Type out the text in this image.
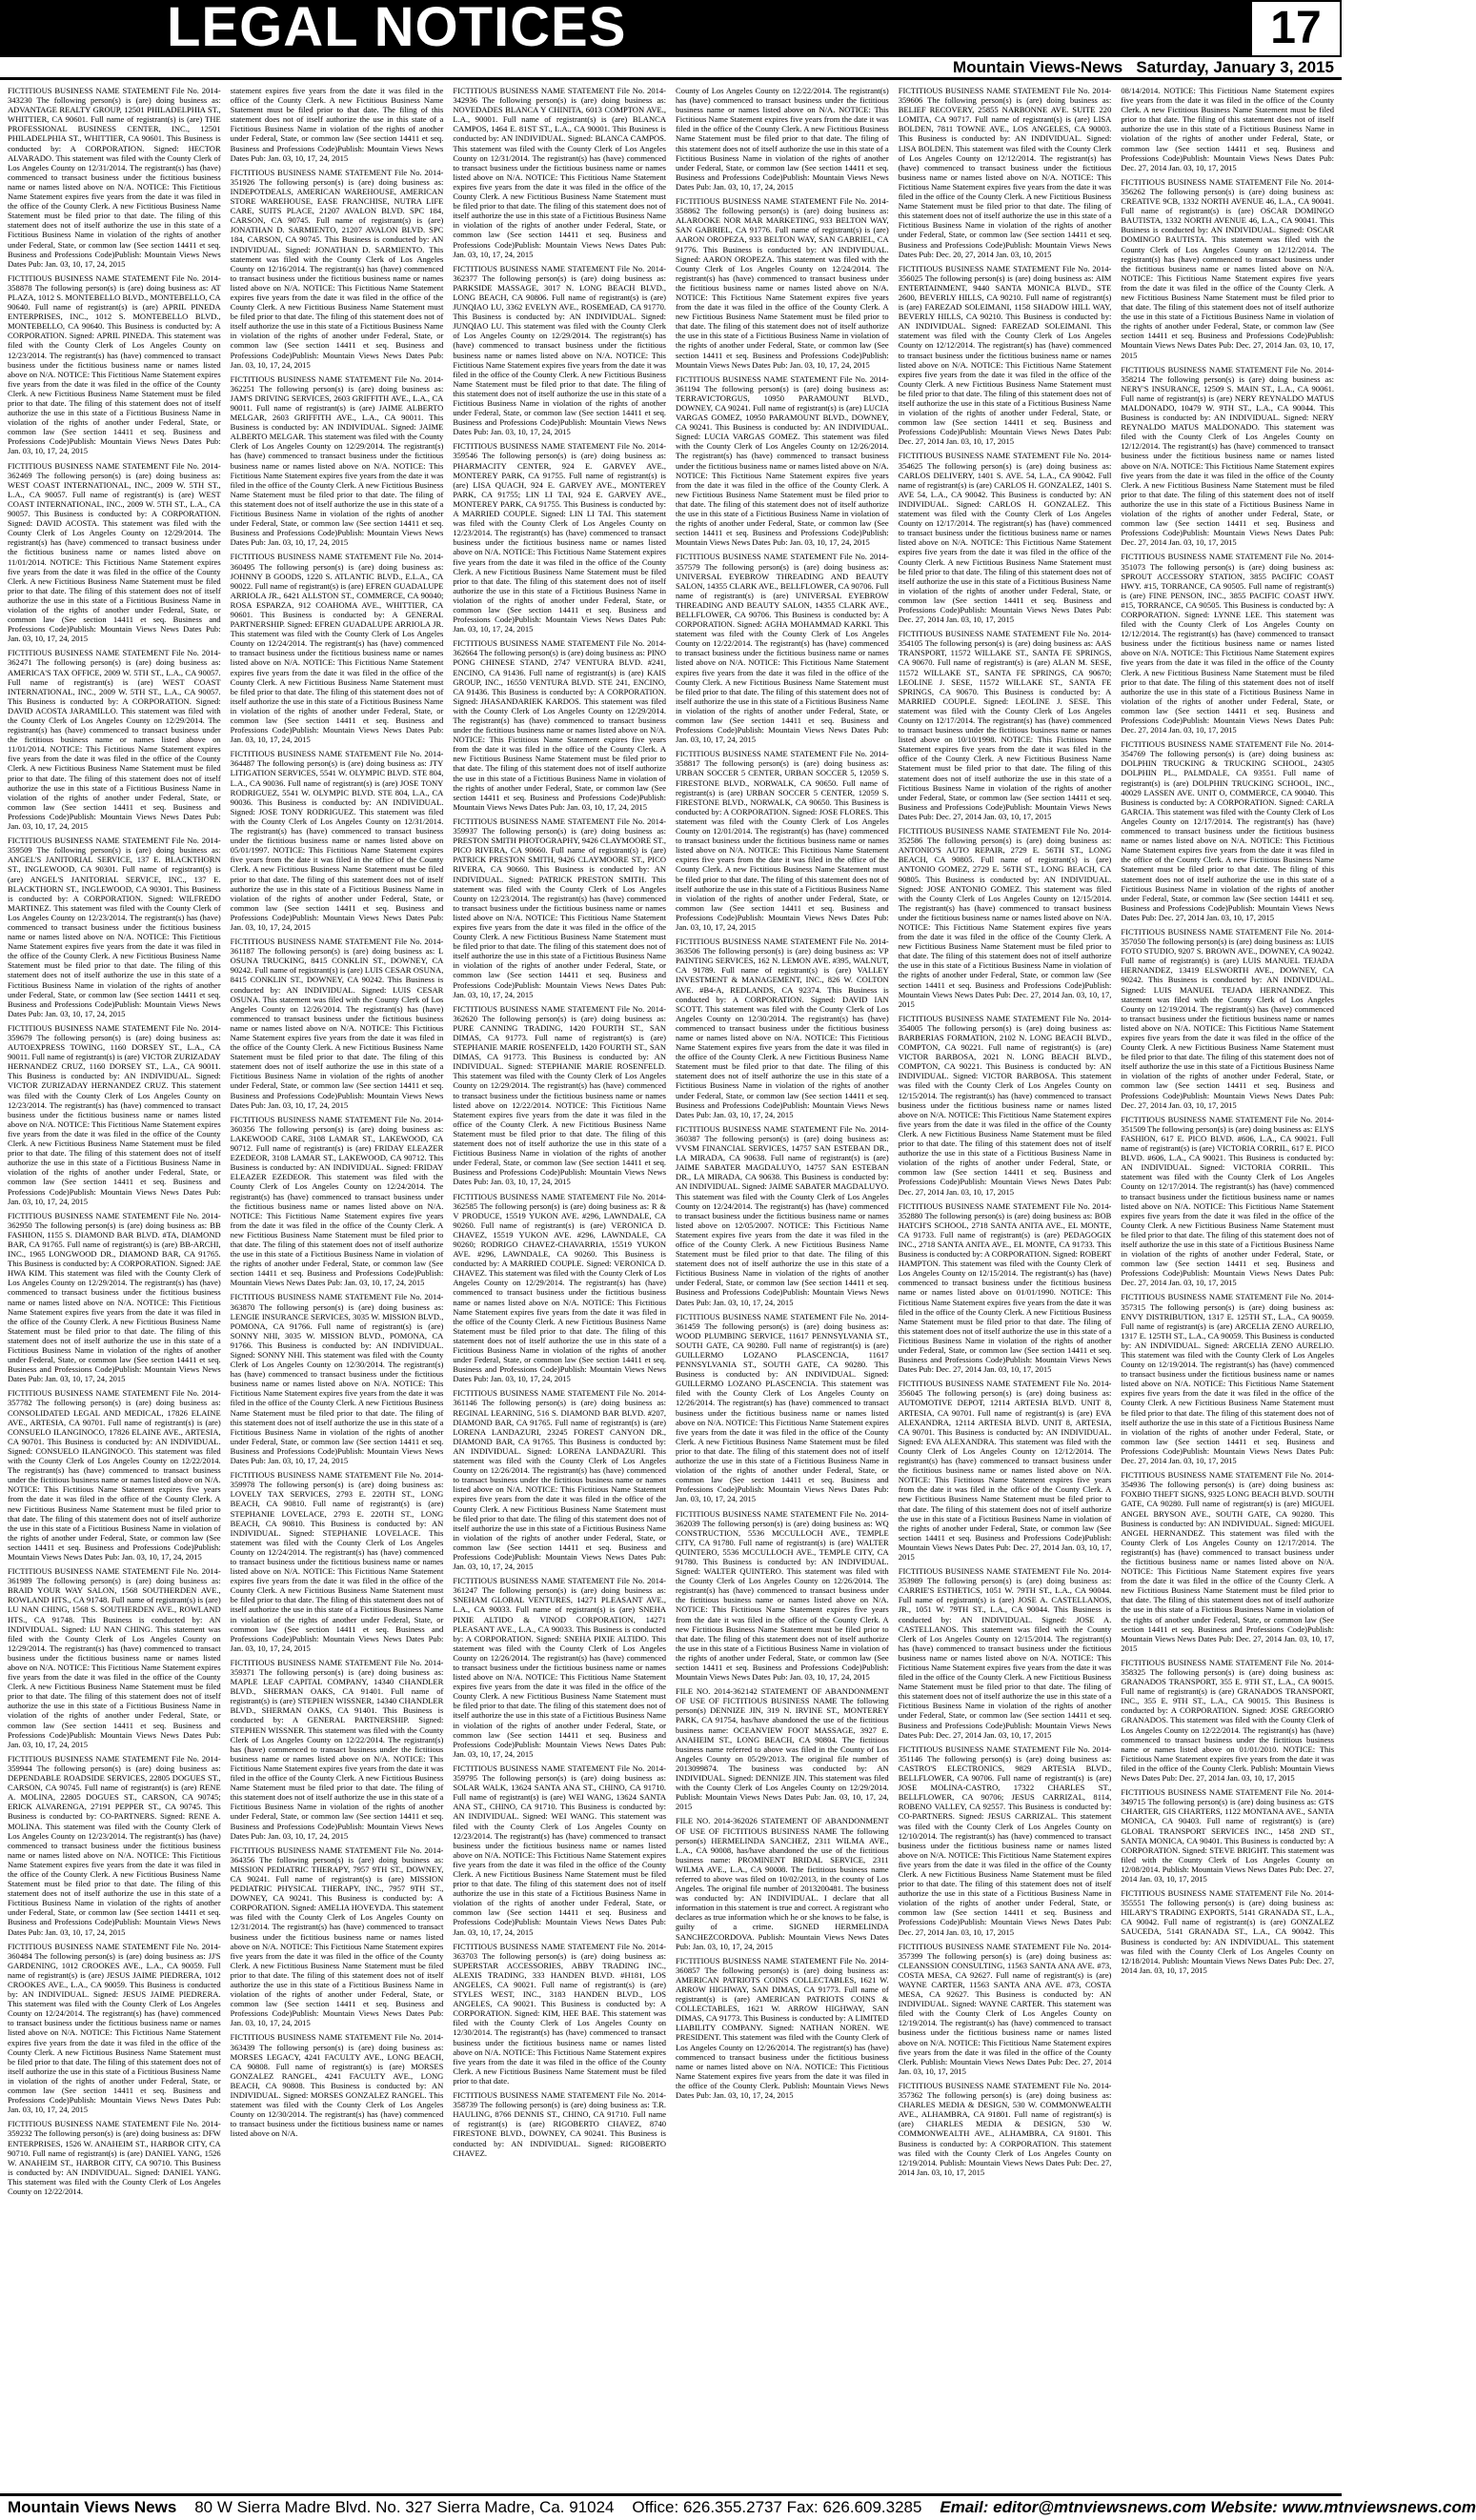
LEGAL NOTICES	17
Mountain Views-News Saturday, January 3, 2015

FICTITIOUS BUSINESS NAME STATEMENT File No. 2014-343230 The following person(s) is (are) doing business as: ADVANTAGE REALTY GROUP, 12501 PHILADELPHIA ST., WHITTIER, CA 90601. Full name of registrant(s) is (are) THE PROFESSIONAL BUSINESS CENTER, INC., 12501 PHILADELPHIA ST., WHITTIER, CA 90601. This Business is conducted by: A CORPORATION. Signed: HECTOR ALVARADO. This statement was filed with the County Clerk of Los Angeles County on 12/31/2014. The registrant(s) has (have) commenced to transact business under the fictitious business name or names listed above on N/A. NOTICE: This Fictitious Name Statement expires five years from the date it was filed in the office of the County Clerk. A new Fictitious Business Name Statement must be filed prior to that date. The filing of this statement does not of itself authorize the use in this state of a Fictitious Business Name in violation of the rights of another under Federal, State, or common law (See section 14411 et seq. Business and Professions Code)Publish: Mountain Views News Dates Pub: Jan. 03, 10, 17, 24, 2015

FICTITIOUS BUSINESS NAME STATEMENT File No. 2014-358878 The following person(s) is (are) doing business as: AT PLAZA, 1012 S. MONTEBELLO BLVD., MONTEBELLO, CA 90640. Full name of registrant(s) is (are) APRIL PINEDA ENTERPRISES, INC., 1012 S. MONTEBELLO BLVD., MONTEBELLO, CA 90640. This Business is conducted by: A CORPORATION. Signed: APRIL PINEDA. This statement was filed with the County Clerk of Los Angeles County on 12/23/2014. The registrant(s) has (have) commenced to transact business under the fictitious business name or names listed above on N/A. NOTICE: This Fictitious Name Statement expires five years from the date it was filed in the office of the County Clerk. A new Fictitious Business Name Statement must be filed prior to that date. The filing of this statement does not of itself authorize the use in this state of a Fictitious Business Name in violation of the rights of another under Federal, State, or common law (See section 14411 et seq. Business and Professions Code)Publish: Mountain Views News Dates Pub: Jan. 03, 10, 17, 24, 2015

FICTITIOUS BUSINESS NAME STATEMENT File No. 2014-362469 The following person(s) is (are) doing business as: WEST COAST INTERNATIONAL, INC., 2009 W. 5TH ST., L.A., CA 90057. Full name of registrant(s) is (are) WEST COAST INTERNATIONAL, INC., 2009 W. 5TH ST., L.A., CA 90057. This Business is conducted by: A CORPORATION. Signed: DAVID ACOSTA. This statement was filed with the County Clerk of Los Angeles County on 12/29/2014. The registrant(s) has (have) commenced to transact business under the fictitious business name or names listed above on 11/01/2014. NOTICE: This Fictitious Name Statement expires five years from the date it was filed in the office of the County Clerk. A new Fictitious Business Name Statement must be filed prior to that date. The filing of this statement does not of itself authorize the use in this state of a Fictitious Business Name in violation of the rights of another under Federal, State, or common law (See section 14411 et seq. Business and Professions Code)Publish: Mountain Views News Dates Pub: Jan. 03, 10, 17, 24, 2015

FICTITIOUS BUSINESS NAME STATEMENT File No. 2014-362471 The following person(s) is (are) doing business as: AMERICA'S TAX OFFICE, 2009 W. 5TH ST., L.A., CA 90057. Full name of registrant(s) is (are) WEST COAST INTERNATIONAL, INC., 2009 W. 5TH ST., L.A., CA 90057. This Business is conducted by: A CORPORATION. Signed: DAVID ACOSTA JARAMILLO. This statement was filed with the County Clerk of Los Angeles County on 12/29/2014. The registrant(s) has (have) commenced to transact business under the fictitious business name or names listed above on 11/01/2014. NOTICE: This Fictitious Name Statement expires five years from the date it was filed in the office of the County Clerk. A new Fictitious Business Name Statement must be filed prior to that date. The filing of this statement does not of itself authorize the use in this state of a Fictitious Business Name in violation of the rights of another under Federal, State, or common law (See section 14411 et seq. Business and Professions Code)Publish: Mountain Views News Dates Pub: Jan. 03, 10, 17, 24, 2015

FICTITIOUS BUSINESS NAME STATEMENT File No. 2014-359509 The following person(s) is (are) doing business as: ANGEL'S JANITORIAL SERVICE, 137 E. BLACKTHORN ST., INGLEWOOD, CA 90301. Full name of registrant(s) is (are) ANGEL'S JANITORIAL SERVICE, INC., 137 E. BLACKTHORN ST., INGLEWOOD, CA 90301. This Business is conducted by: A CORPORATION. Signed: WILFREDO MARTINEZ. This statement was filed with the County Clerk of Los Angeles County on 12/23/2014. The registrant(s) has (have) commenced to transact business under the fictitious business name or names listed above on N/A. NOTICE: This Fictitious Name Statement expires five years from the date it was filed in the office of the County Clerk. A new Fictitious Business Name Statement must be filed prior to that date. The filing of this statement does not of itself authorize the use in this state of a Fictitious Business Name in violation of the rights of another under Federal, State, or common law (See section 14411 et seq. Business and Professions Code)Publish: Mountain Views News Dates Pub: Jan. 03, 10, 17, 24, 2015

FICTITIOUS BUSINESS NAME STATEMENT File No. 2014-359679 The following person(s) is (are) doing business as: AUTOEXPRESS TOWING, 1160 DORSEY ST., L.A., CA 90011. Full name of registrant(s) is (are) VICTOR ZURIZADAY HERNANDEZ CRUZ, 1160 DORSEY ST., L.A., CA 90011. This Business is conducted by: AN INDIVIDUAL. Signed: VICTOR ZURIZADAY HERNANDEZ CRUZ. This statement was filed with the County Clerk of Los Angeles County on 12/23/2014. The registrant(s) has (have) commenced to transact business under the fictitious business name or names listed above on N/A. NOTICE: This Fictitious Name Statement expires five years from the date it was filed in the office of the County Clerk. A new Fictitious Business Name Statement must be filed prior to that date. The filing of this statement does not of itself authorize the use in this state of a Fictitious Business Name in violation of the rights of another under Federal, State, or common law (See section 14411 et seq. Business and Professions Code)Publish: Mountain Views News Dates Pub: Jan. 03, 10, 17, 24, 2015

FICTITIOUS BUSINESS NAME STATEMENT File No. 2014-362950 The following person(s) is (are) doing business as: BB FASHION, 1155 S. DIAMOND BAR BLVD. #TA, DIAMOND BAR, CA 91765. Full name of registrant(s) is (are) BB-ARCHI, INC., 1965 LONGWOOD DR., DIAMOND BAR, CA 91765. This Business is conducted by: A CORPORATION. Signed: JAE HWA KIM. This statement was filed with the County Clerk of Los Angeles County on 12/29/2014. The registrant(s) has (have) commenced to transact business under the fictitious business name or names listed above on N/A. NOTICE: This Fictitious Name Statement expires five years from the date it was filed in the office of the County Clerk. A new Fictitious Business Name Statement must be filed prior to that date. The filing of this statement does not of itself authorize the use in this state of a Fictitious Business Name in violation of the rights of another under Federal, State, or common law (See section 14411 et seq. Business and Professions Code)Publish: Mountain Views News Dates Pub: Jan. 03, 10, 17, 24, 2015

FICTITIOUS BUSINESS NAME STATEMENT File No. 2014-357782 The following person(s) is (are) doing business as: CONSOLIDATED LEGAL AND MEDICAL, 17826 ELAINE AVE., ARTESIA, CA 90701. Full name of registrant(s) is (are) CONSUELO ILANGINOCO, 17826 ELAINE AVE., ARTESIA, CA 90701. This Business is conducted by: AN INDIVIDUAL. Signed: CONSUELO ILANGINOCO. This statement was filed with the County Clerk of Los Angeles County on 12/22/2014. The registrant(s) has (have) commenced to transact business under the fictitious business name or names listed above on N/A. NOTICE: This Fictitious Name Statement expires five years from the date it was filed in the office of the County Clerk. A new Fictitious Business Name Statement must be filed prior to that date. The filing of this statement does not of itself authorize the use in this state of a Fictitious Business Name in violation of the rights of another under Federal, State, or common law (See section 14411 et seq. Business and Professions Code)Publish: Mountain Views News Dates Pub: Jan. 03, 10, 17, 24, 2015

FICTITIOUS BUSINESS NAME STATEMENT File No. 2014-361989 The following person(s) is (are) doing business as: BRAID YOUR WAY SALON, 1568 SOUTHERDEN AVE., ROWLAND HTS., CA 91748. Full name of registrant(s) is (are) LU NAN CHING, 1568 S. SOUTHERDEN AVE., ROWLAND HTS., CA 91748. This Business is conducted by: AN INDIVIDUAL. Signed: LU NAN CHING. This statement was filed with the County Clerk of Los Angeles County on 12/29/2014. The registrant(s) has (have) commenced to transact business under the fictitious business name or names listed above on N/A. NOTICE: This Fictitious Name Statement expires five years from the date it was filed in the office of the County Clerk. A new Fictitious Business Name Statement must be filed prior to that date. The filing of this statement does not of itself authorize the use in this state of a Fictitious Business Name in violation of the rights of another under Federal, State, or common law (See section 14411 et seq. Business and Professions Code)Publish: Mountain Views News Dates Pub: Jan. 03, 10, 17, 24, 2015

FICTITIOUS BUSINESS NAME STATEMENT File No. 2014-359944 The following person(s) is (are) doing business as: DEPENDABLE ROADSIDE SERVICES, 22805 DOGUES ST., CARSON, CA 90745. Full name of registrant(s) is (are) RENE A. MOLINA, 22805 DOGUES ST., CARSON, CA 90745; ERICK ALVARENGA, 27191 PEPPER ST., CA 90745. This Business is conducted by: CO-PARTNERS. Signed: RENE A. MOLINA. This statement was filed with the County Clerk of Los Angeles County on 12/23/2014. The registrant(s) has (have) commenced to transact business under the fictitious business name or names listed above on N/A. NOTICE: This Fictitious Name Statement expires five years from the date it was filed in the office of the County Clerk. A new Fictitious Business Name Statement must be filed prior to that date. The filing of this statement does not of itself authorize the use in this state of a Fictitious Business Name in violation of the rights of another under Federal, State, or common law (See section 14411 et seq. Business and Professions Code)Publish: Mountain Views News Dates Pub: Jan. 03, 10, 17, 24, 2015

FICTITIOUS BUSINESS NAME STATEMENT File No. 2014-360484 The following person(s) is (are) doing business as: JJ'S GARDENING, 1012 CROOKES AVE., L.A., CA 90059. Full name of registrant(s) is (are) JESUS JAIME PIEDRERA, 1012 CROOKES AVE., L.A., CA 90059. This Business is conducted by: AN INDIVIDUAL. Signed: JESUS JAIME PIEDRERA. This statement was filed with the County Clerk of Los Angeles County on 12/24/2014. The registrant(s) has (have) commenced to transact business under the fictitious business name or names listed above on N/A. NOTICE: This Fictitious Name Statement expires five years from the date it was filed in the office of the County Clerk. A new Fictitious Business Name Statement must be filed prior to that date. The filing of this statement does not of itself authorize the use in this state of a Fictitious Business Name in violation of the rights of another under Federal, State, or common law (See section 14411 et seq. Business and Professions Code)Publish: Mountain Views News Dates Pub: Jan. 03, 10, 17, 24, 2015

FICTITIOUS BUSINESS NAME STATEMENT File No. 2014-359232 The following person(s) is (are) doing business as: DFW ENTERPRISES, 1526 W. ANAHEIM ST., HARBOR CITY, CA 90710. Full name of registrant(s) is (are) DANIEL YANG, 1526 W. ANAHEIM ST., HARBOR CITY, CA 90710. This Business is conducted by: AN INDIVIDUAL. Signed: DANIEL YANG. This statement was filed with the County Clerk of Los Angeles County on 12/22/2014.

statement expires five years from the date it was filed in the office of the County Clerk. A new Fictitious Business Name Statement must be filed prior to that date. The filing of this statement does not of itself authorize the use in this state of a Fictitious Business Name in violation of the rights of another under Federal, State, or common law (See section 14411 et seq. Business and Professions Code)Publish: Mountain Views News Dates Pub: Jan. 03, 10, 17, 24, 2015

FICTITIOUS BUSINESS NAME STATEMENT File No. 2014-351926 The following person(s) is (are) doing business as: INDEPOTDEALS, AMERICAN WAREHOUSE, AMERICAN STORE WAREHOUSE, EASE FRANCHISE, NUTRA LIFE CARE, SUITS PLACE, 21207 AVALON BLVD. SPC 184, CARSON, CA 90745. Full name of registrant(s) is (are) JONATHAN D. SARMIENTO, 21207 AVALON BLVD. SPC 184, CARSON, CA 90745. This Business is conducted by: AN INDIVIDUAL. Signed: JONATHAN D. SARMIENTO. This statement was filed with the County Clerk of Los Angeles County on 12/16/2014. The registrant(s) has (have) commenced to transact business under the fictitious business name or names listed above on N/A. NOTICE: This Fictitious Name Statement expires five years from the date it was filed in the office of the County Clerk. A new Fictitious Business Name Statement must be filed prior to that date. The filing of this statement does not of itself authorize the use in this state of a Fictitious Business Name in violation of the rights of another under Federal, State, or common law (See section 14411 et seq. Business and Professions Code)Publish: Mountain Views News Dates Pub: Jan. 03, 10, 17, 24, 2015

FICTITIOUS BUSINESS NAME STATEMENT File No. 2014-362251 The following person(s) is (are) doing business as: JAM'S DRIVING SERVICES, 2603 GRIFFITH AVE., L.A., CA 90011. Full name of registrant(s) is (are) JAIME ALBERTO MELGAR, 2603 GRIFFITH AVE., L.A., CA 90011. This Business is conducted by: AN INDIVIDUAL. Signed: JAIME ALBERTO MELGAR. This statement was filed with the County Clerk of Los Angeles County on 12/29/2014. The registrant(s) has (have) commenced to transact business under the fictitious business name or names listed above on N/A. NOTICE: This Fictitious Name Statement expires five years from the date it was filed in the office of the County Clerk. A new Fictitious Business Name Statement must be filed prior to that date. The filing of this statement does not of itself authorize the use in this state of a Fictitious Business Name in violation of the rights of another under Federal, State, or common law (See section 14411 et seq. Business and Professions Code)Publish: Mountain Views News Dates Pub: Jan. 03, 10, 17, 24, 2015

FICTITIOUS BUSINESS NAME STATEMENT File No. 2014-360495 The following person(s) is (are) doing business as: JOHNNY B GOODS, 1220 S. ATLANTIC BLVD., E.L.A., CA 90022. Full name of registrant(s) is (are) EFREN GUADALUPE ARRIOLA JR., 6421 ALLSTON ST., COMMERCE, CA 90040; ROSA ESPARZA, 912 COAHOMA AVE., WHITTIER, CA 90601. This Business is conducted by: A GENERAL PARTNERSHIP. Signed: EFREN GUADALUPE ARRIOLA JR. This statement was filed with the County Clerk of Los Angeles County on 12/24/2014. The registrant(s) has (have) commenced to transact business under the fictitious business name or names listed above on N/A. NOTICE: This Fictitious Name Statement expires five years from the date it was filed in the office of the County Clerk. A new Fictitious Business Name Statement must be filed prior to that date. The filing of this statement does not of itself authorize the use in this state of a Fictitious Business Name in violation of the rights of another under Federal, State, or common law (See section 14411 et seq. Business and Professions Code)Publish: Mountain Views News Dates Pub: Jan. 03, 10, 17, 24, 2015

FICTITIOUS BUSINESS NAME STATEMENT File No. 2014-364487 The following person(s) is (are) doing business as: JTY LITIGATION SERVICES, 5541 W. OLYMPIC BLVD. STE 804, L.A., CA 90036. Full name of registrant(s) is (are) JOSE TONY RODRIGUEZ, 5541 W. OLYMPIC BLVD. STE 804, L.A., CA 90036. This Business is conducted by: AN INDIVIDUAL. Signed: JOSE TONY RODRIGUEZ. This statement was filed with the County Clerk of Los Angeles County on 12/31/2014. The registrant(s) has (have) commenced to transact business under the fictitious business name or names listed above on 05/01/1997. NOTICE: This Fictitious Name Statement expires five years from the date it was filed in the office of the County Clerk. A new Fictitious Business Name Statement must be filed prior to that date. The filing of this statement does not of itself authorize the use in this state of a Fictitious Business Name in violation of the rights of another under Federal, State, or common law (See section 14411 et seq. Business and Professions Code)Publish: Mountain Views News Dates Pub: Jan. 03, 10, 17, 24, 2015

FICTITIOUS BUSINESS NAME STATEMENT File No. 2014-361187 The following person(s) is (are) doing business as: L OSUNA TRUCKING, 8415 CONKLIN ST., DOWNEY, CA 90242. Full name of registrant(s) is (are) LUIS CESAR OSUNA, 8415 CONKLIN ST., DOWNEY, CA 90242. This Business is conducted by: AN INDIVIDUAL. Signed: LUIS CESAR OSUNA. This statement was filed with the County Clerk of Los Angeles County on 12/26/2014. The registrant(s) has (have) commenced to transact business under the fictitious business name or names listed above on N/A. NOTICE: This Fictitious Name Statement expires five years from the date it was filed in the office of the County Clerk. A new Fictitious Business Name Statement must be filed prior to that date. The filing of this statement does not of itself authorize the use in this state of a Fictitious Business Name in violation of the rights of another under Federal, State, or common law (See section 14411 et seq. Business and Professions Code)Publish: Mountain Views News Dates Pub: Jan. 03, 10, 17, 24, 2015

FICTITIOUS BUSINESS NAME STATEMENT File No. 2014-360356 The following person(s) is (are) doing business as: LAKEWOOD CARE, 3108 LAMAR ST., LAKEWOOD, CA 90712. Full name of registrant(s) is (are) FRIDAY ELEAZER EZEDEOR, 3108 LAMAR ST., LAKEWOOD, CA 90712. This Business is conducted by: AN INDIVIDUAL. Signed: FRIDAY ELEAZER EZEDEOR. This statement was filed with the County Clerk of Los Angeles County on 12/24/2014. The registrant(s) has (have) commenced to transact business under the fictitious business name or names listed above on N/A. NOTICE: This Fictitious Name Statement expires five years from the date it was filed in the office of the County Clerk. A new Fictitious Business Name Statement must be filed prior to that date. The filing of this statement does not of itself authorize the use in this state of a Fictitious Business Name in violation of the rights of another under Federal, State, or common law (See section 14411 et seq. Business and Professions Code)Publish: Mountain Views News Dates Pub: Jan. 03, 10, 17, 24, 2015

FICTITIOUS BUSINESS NAME STATEMENT File No. 2014-363870 The following person(s) is (are) doing business as: LENGIE INSURANCE SERVICES, 3035 W. MISSION BLVD., POMONA, CA 91766. Full name of registrant(s) is (are) SONNY NHI, 3035 W. MISSION BLVD., POMONA, CA 91766. This Business is conducted by: AN INDIVIDUAL. Signed: SONNY NHI. This statement was filed with the County Clerk of Los Angeles County on 12/30/2014. The registrant(s) has (have) commenced to transact business under the fictitious business name or names listed above on N/A. NOTICE: This Fictitious Name Statement expires five years from the date it was filed in the office of the County Clerk. A new Fictitious Business Name Statement must be filed prior to that date. The filing of this statement does not of itself authorize the use in this state of a Fictitious Business Name in violation of the rights of another under Federal, State, or common law (See section 14411 et seq. Business and Professions Code)Publish: Mountain Views News Dates Pub: Jan. 03, 10, 17, 24, 2015

FICTITIOUS BUSINESS NAME STATEMENT File No. 2014-359978 The following person(s) is (are) doing business as: LOVELY TAX SERVICES, 2793 E. 220TH ST., LONG BEACH, CA 90810. Full name of registrant(s) is (are) STEPHANIE LOVELACE, 2793 E. 220TH ST., LONG BEACH, CA 90810. This Business is conducted by: AN INDIVIDUAL. Signed: STEPHANIE LOVELACE. This statement was filed with the County Clerk of Los Angeles County on 12/24/2014. The registrant(s) has (have) commenced to transact business under the fictitious business name or names listed above on N/A. NOTICE: This Fictitious Name Statement expires five years from the date it was filed in the office of the County Clerk. A new Fictitious Business Name Statement must be filed prior to that date. The filing of this statement does not of itself authorize the use in this state of a Fictitious Business Name in violation of the rights of another under Federal, State, or common law (See section 14411 et seq. Business and Professions Code)Publish: Mountain Views News Dates Pub: Jan. 03, 10, 17, 24, 2015

FICTITIOUS BUSINESS NAME STATEMENT File No. 2014-359371 The following person(s) is (are) doing business as: MAPLE LEAF CAPITAL COMPANY, 14340 CHANDLER BLVD., SHERMAN OAKS, CA 91401. Full name of registrant(s) is (are) STEPHEN WISSNER, 14340 CHANDLER BLVD., SHERMAN OAKS, CA 91401. This Business is conducted by: A GENERAL PARTNERSHIP. Signed: STEPHEN WISSNER. This statement was filed with the County Clerk of Los Angeles County on 12/22/2014. The registrant(s) has (have) commenced to transact business under the fictitious business name or names listed above on N/A. NOTICE: This Fictitious Name Statement expires five years from the date it was filed in the office of the County Clerk. A new Fictitious Business Name Statement must be filed prior to that date. The filing of this statement does not of itself authorize the use in this state of a Fictitious Business Name in violation of the rights of another under Federal, State, or common law (See section 14411 et seq. Business and Professions Code)Publish: Mountain Views News Dates Pub: Jan. 03, 10, 17, 24, 2015

FICTITIOUS BUSINESS NAME STATEMENT File No. 2014-364356 The following person(s) is (are) doing business as: MISSION PEDIATRIC THERAPY, 7957 9TH ST., DOWNEY, CA 90241. Full name of registrant(s) is (are) MISSION PEDIATRIC PHYSICAL THERAPY, INC., 7957 9TH ST., DOWNEY, CA 90241. This Business is conducted by: A CORPORATION. Signed: AMELIA HOVEYDA. This statement was filed with the County Clerk of Los Angeles County on 12/31/2014. The registrant(s) has (have) commenced to transact business under the fictitious business name or names listed above on N/A. NOTICE: This Fictitious Name Statement expires five years from the date it was filed in the office of the County Clerk. A new Fictitious Business Name Statement must be filed prior to that date. The filing of this statement does not of itself authorize the use in this state of a Fictitious Business Name in violation of the rights of another under Federal, State, or common law (See section 14411 et seq. Business and Professions Code)Publish: Mountain Views News Dates Pub: Jan. 03, 10, 17, 24, 2015

FICTITIOUS BUSINESS NAME STATEMENT File No. 2014-363439 The following person(s) is (are) doing business as: MORSES LEGACY, 4241 FACULTY AVE., LONG BEACH, CA 90808. Full name of registrant(s) is (are) MORSES GONZALEZ RANGEL, 4241 FACULTY AVE., LONG BEACH, CA 90808. This Business is conducted by: AN INDIVIDUAL. Signed: MORSES GONZALEZ RANGEL. This statement was filed with the County Clerk of Los Angeles County on 12/30/2014. The registrant(s) has (have) commenced to transact business under the fictitious business name or names listed above on N/A.

FICTITIOUS BUSINESS NAME STATEMENT File No. 2014-342936 The following person(s) is (are) doing business as: NOVEDADES BLANCA Y CHINITA, 6013 COMPTON AVE., L.A., 90001. Full name of registrant(s) is (are) BLANCA CAMPOS, 1464 E. 81ST ST., L.A., CA 90001. This Business is conducted by: AN INDIVIDUAL. Signed: BLANCA CAMPOS. This statement was filed with the County Clerk of Los Angeles County on 12/31/2014. The registrant(s) has (have) commenced to transact business under the fictitious business name or names listed above on N/A. NOTICE: This Fictitious Name Statement expires five years from the date it was filed in the office of the County Clerk. A new Fictitious Business Name Statement must be filed prior to that date. The filing of this statement does not of itself authorize the use in this state of a Fictitious Business Name in violation of the rights of another under Federal, State, or common law (See section 14411 et seq. Business and Professions Code)Publish: Mountain Views News Dates Pub: Jan. 03, 10, 17, 24, 2015

FICTITIOUS BUSINESS NAME STATEMENT File No. 2014-362377 The following person(s) is (are) doing business as: PARKSIDE MASSAGE, 3017 N. LONG BEACH BLVD., LONG BEACH, CA 90806. Full name of registrant(s) is (are) JUNQIAO LU, 3362 EVELYN AVE., ROSEMEAD, CA 91770. This Business is conducted by: AN INDIVIDUAL. Signed: JUNQIAO LU. This statement was filed with the County Clerk of Los Angeles County on 12/29/2014. The registrant(s) has (have) commenced to transact business under the fictitious business name or names listed above on N/A. NOTICE: This Fictitious Name Statement expires five years from the date it was filed in the office of the County Clerk. A new Fictitious Business Name Statement must be filed prior to that date. The filing of this statement does not of itself authorize the use in this state of a Fictitious Business Name in violation of the rights of another under Federal, State, or common law (See section 14411 et seq. Business and Professions Code)Publish: Mountain Views News Dates Pub: Jan. 03, 10, 17, 24, 2015

FICTITIOUS BUSINESS NAME STATEMENT File No. 2014-359546 The following person(s) is (are) doing business as: PHARMACITY CENTER, 924 E. GARVEY AVE., MONTEREY PARK, CA 91755. Full name of registrant(s) is (are) LISA QUACH, 924 E. GARVEY AVE., MONTEREY PARK, CA 91755; LIN LI TAI, 924 E. GARVEY AVE., MONTEREY PARK, CA 91755. This Business is conducted by: A MARRIED COUPLE. Signed: LIN LI TAI. This statement was filed with the County Clerk of Los Angeles County on 12/23/2014. The registrant(s) has (have) commenced to transact business under the fictitious business name or names listed above on N/A. NOTICE: This Fictitious Name Statement expires five years from the date it was filed in the office of the County Clerk. A new Fictitious Business Name Statement must be filed prior to that date. The filing of this statement does not of itself authorize the use in this state of a Fictitious Business Name in violation of the rights of another under Federal, State, or common law (See section 14411 et seq. Business and Professions Code)Publish: Mountain Views News Dates Pub: Jan. 03, 10, 17, 24, 2015

FICTITIOUS BUSINESS NAME STATEMENT File No. 2014-362664 The following person(s) is (are) doing business as: PINO PONG CHINESE STAND, 2747 VENTURA BLVD. #241, ENCINO, CA 91436. Full name of registrant(s) is (are) KAIS GROUP, INC., 16550 VENTURA BLVD. STE 241, ENCINO, CA 91436. This Business is conducted by: A CORPORATION. Signed: JHASANDARIEK KARDOS. This statement was filed with the County Clerk of Los Angeles County on 12/29/2014. The registrant(s) has (have) commenced to transact business under the fictitious business name or names listed above on N/A. NOTICE: This Fictitious Name Statement expires five years from the date it was filed in the office of the County Clerk. A new Fictitious Business Name Statement must be filed prior to that date. The filing of this statement does not of itself authorize the use in this state of a Fictitious Business Name in violation of the rights of another under Federal, State, or common law (See section 14411 et seq. Business and Professions Code)Publish: Mountain Views News Dates Pub: Jan. 03, 10, 17, 24, 2015

FICTITIOUS BUSINESS NAME STATEMENT File No. 2014-359937 The following person(s) is (are) doing business as: PRESTON SMITH PHOTOGRAPHY, 9426 CLAYMOORE ST., PICO RIVERA, CA 90660. Full name of registrant(s) is (are) PATRICK PRESTON SMITH, 9426 CLAYMOORE ST., PICO RIVERA, CA 90660. This Business is conducted by: AN INDIVIDUAL. Signed: PATRICK PRESTON SMITH. This statement was filed with the County Clerk of Los Angeles County on 12/23/2014. The registrant(s) has (have) commenced to transact business under the fictitious business name or names listed above on N/A. NOTICE: This Fictitious Name Statement expires five years from the date it was filed in the office of the County Clerk. A new Fictitious Business Name Statement must be filed prior to that date. The filing of this statement does not of itself authorize the use in this state of a Fictitious Business Name in violation of the rights of another under Federal, State, or common law (See section 14411 et seq. Business and Professions Code)Publish: Mountain Views News Dates Pub: Jan. 03, 10, 17, 24, 2015

FICTITIOUS BUSINESS NAME STATEMENT File No. 2014-362620 The following person(s) is (are) doing business as: PURE CANNING TRADING, 1420 FOURTH ST., SAN DIMAS, CA 91773. Full name of registrant(s) is (are) STEPHANIE MARIE ROSENFELD, 1420 FOURTH ST., SAN DIMAS, CA 91773. This Business is conducted by: AN INDIVIDUAL. Signed: STEPHANIE MARIE ROSENFELD. This statement was filed with the County Clerk of Los Angeles County on 12/29/2014. The registrant(s) has (have) commenced to transact business under the fictitious business name or names listed above on 12/22/2014. NOTICE: This Fictitious Name Statement expires five years from the date it was filed in the office of the County Clerk. A new Fictitious Business Name Statement must be filed prior to that date. The filing of this statement does not of itself authorize the use in this state of a Fictitious Business Name in violation of the rights of another under Federal, State, or common law (See section 14411 et seq. Business and Professions Code)Publish: Mountain Views News Dates Pub: Jan. 03, 10, 17, 24, 2015

FICTITIOUS BUSINESS NAME STATEMENT File No. 2014-362585 The following person(s) is (are) doing business as: R & V PRODUCE, 15519 YUKON AVE. #296, LAWNDALE, CA 90260. Full name of registrant(s) is (are) VERONICA D. CHAVEZ, 15519 YUKON AVE. #296, LAWNDALE, CA 90260; RODRIGO CHAVEZ-CHAVARRIA, 15519 YUKON AVE. #296, LAWNDALE, CA 90260. This Business is conducted by: A MARRIED COUPLE. Signed: VERONICA D. CHAVEZ. This statement was filed with the County Clerk of Los Angeles County on 12/29/2014. The registrant(s) has (have) commenced to transact business under the fictitious business name or names listed above on N/A. NOTICE: This Fictitious Name Statement expires five years from the date it was filed in the office of the County Clerk. A new Fictitious Business Name Statement must be filed prior to that date. The filing of this statement does not of itself authorize the use in this state of a Fictitious Business Name in violation of the rights of another under Federal, State, or common law (See section 14411 et seq. Business and Professions Code)Publish: Mountain Views News Dates Pub: Jan. 03, 10, 17, 24, 2015

FICTITIOUS BUSINESS NAME STATEMENT File No. 2014-361146 The following person(s) is (are) doing business as: REGINAL LEARNING, 516 S. DIAMOND BAR BLVD. #207, DIAMOND BAR, CA 91765. Full name of registrant(s) is (are) LORENA LANDAZURI, 23245 FOREST CANYON DR., DIAMOND BAR, CA 91765. This Business is conducted by: AN INDIVIDUAL. Signed: LORENA LANDAZURI. This statement was filed with the County Clerk of Los Angeles County on 12/26/2014. The registrant(s) has (have) commenced to transact business under the fictitious business name or names listed above on N/A. NOTICE: This Fictitious Name Statement expires five years from the date it was filed in the office of the County Clerk. A new Fictitious Business Name Statement must be filed prior to that date. The filing of this statement does not of itself authorize the use in this state of a Fictitious Business Name in violation of the rights of another under Federal, State, or common law (See section 14411 et seq. Business and Professions Code)Publish: Mountain Views News Dates Pub: Jan. 03, 10, 17, 24, 2015

FICTITIOUS BUSINESS NAME STATEMENT File No. 2014-361247 The following person(s) is (are) doing business as: SNEHAM GLOBAL VENTURES, 14271 PLEASANT AVE., L.A., CA 90033. Full name of registrant(s) is (are) SNEHA PIXIE ALTIDO & VINOD CORPORATION, 14271 PLEASANT AVE., L.A., CA 90033. This Business is conducted by: A CORPORATION. Signed: SNEHA PIXIE ALTIDO. This statement was filed with the County Clerk of Los Angeles County on 12/26/2014. The registrant(s) has (have) commenced to transact business under the fictitious business name or names listed above on N/A. NOTICE: This Fictitious Name Statement expires five years from the date it was filed in the office of the County Clerk. A new Fictitious Business Name Statement must be filed prior to that date. The filing of this statement does not of itself authorize the use in this state of a Fictitious Business Name in violation of the rights of another under Federal, State, or common law (See section 14411 et seq. Business and Professions Code)Publish: Mountain Views News Dates Pub: Jan. 03, 10, 17, 24, 2015

FICTITIOUS BUSINESS NAME STATEMENT File No. 2014-359795 The following person(s) is (are) doing business as: SOLAR WALK, 13624 SANTA ANA ST., CHINO, CA 91710. Full name of registrant(s) is (are) WEI WANG, 13624 SANTA ANA ST., CHINO, CA 91710. This Business is conducted by: AN INDIVIDUAL. Signed: WEI WANG. This statement was filed with the County Clerk of Los Angeles County on 12/23/2014. The registrant(s) has (have) commenced to transact business under the fictitious business name or names listed above on N/A. NOTICE: This Fictitious Name Statement expires five years from the date it was filed in the office of the County Clerk. A new Fictitious Business Name Statement must be filed prior to that date. The filing of this statement does not of itself authorize the use in this state of a Fictitious Business Name in violation of the rights of another under Federal, State, or common law (See section 14411 et seq. Business and Professions Code)Publish: Mountain Views News Dates Pub: Jan. 03, 10, 17, 24, 2015

FICTITIOUS BUSINESS NAME STATEMENT File No. 2014-363703 The following person(s) is (are) doing business as: SUPERSTAR ACCESSORIES, ABBY TRADING INC., ALEXIS TRADING, 333 HANDEN BLVD. #H181, LOS ANGELES, CA 90021. Full name of registrant(s) is (are) STYLES WEST, INC., 3183 HANDEN BLVD., LOS ANGELES, CA 90021. This Business is conducted by: A CORPORATION. Signed: KIM, HEE BAE. This statement was filed with the County Clerk of Los Angeles County on 12/30/2014. The registrant(s) has (have) commenced to transact business under the fictitious business name or names listed above on N/A. NOTICE: This Fictitious Name Statement expires five years from the date it was filed in the office of the County Clerk. A new Fictitious Business Name Statement must be filed prior to that date.

FICTITIOUS BUSINESS NAME STATEMENT File No. 2014-358739 The following person(s) is (are) doing business as: T.R. HAULING, 8766 DENNIS ST., CHINO, CA 91710. Full name of registrant(s) is (are) RIGOBERTO CHAVEZ, 8740 FIRESTONE BLVD., DOWNEY, CA 90241. This Business is conducted by: AN INDIVIDUAL. Signed: RIGOBERTO CHAVEZ.

County of Los Angeles County on 12/22/2014. The registrant(s) has (have) commenced to transact business under the fictitious business name or names listed above on N/A. NOTICE: This Fictitious Name Statement expires five years from the date it was filed in the office of the County Clerk. A new Fictitious Business Name Statement must be filed prior to that date. The filing of this statement does not of itself authorize the use in this state of a Fictitious Business Name in violation of the rights of another under Federal, State, or common law (See section 14411 et seq. Business and Professions Code)Publish: Mountain Views News Dates Pub: Jan. 03, 10, 17, 24, 2015

FICTITIOUS BUSINESS NAME STATEMENT File No. 2014-358862 The following person(s) is (are) doing business as: ALAROOKE NOR MAR MARKETING, 933 BELTON WAY, SAN GABRIEL, CA 91776. Full name of registrant(s) is (are) AARON OROPEZA, 933 BELTON WAY, SAN GABRIEL, CA 91776. This Business is conducted by: AN INDIVIDUAL. Signed: AARON OROPEZA. This statement was filed with the County Clerk of Los Angeles County on 12/24/2014. The registrant(s) has (have) commenced to transact business under the fictitious business name or names listed above on N/A. NOTICE: This Fictitious Name Statement expires five years from the date it was filed in the office of the County Clerk. A new Fictitious Business Name Statement must be filed prior to that date. The filing of this statement does not of itself authorize the use in this state of a Fictitious Business Name in violation of the rights of another under Federal, State, or common law (See section 14411 et seq. Business and Professions Code)Publish: Mountain Views News Dates Pub: Jan. 03, 10, 17, 24, 2015

FICTITIOUS BUSINESS NAME STATEMENT File No. 2014-361194 The following person(s) is (are) doing business as: TERRAVICTORGUS, 10950 PARAMOUNT BLVD., DOWNEY, CA 90241. Full name of registrant(s) is (are) LUCIA VARGAS GOMEZ, 10950 PARAMOUNT BLVD., DOWNEY, CA 90241. This Business is conducted by: AN INDIVIDUAL. Signed: LUCIA VARGAS GOMEZ. This statement was filed with the County Clerk of Los Angeles County on 12/26/2014. The registrant(s) has (have) commenced to transact business under the fictitious business name or names listed above on N/A. NOTICE: This Fictitious Name Statement expires five years from the date it was filed in the office of the County Clerk. A new Fictitious Business Name Statement must be filed prior to that date. The filing of this statement does not of itself authorize the use in this state of a Fictitious Business Name in violation of the rights of another under Federal, State, or common law (See section 14411 et seq. Business and Professions Code)Publish: Mountain Views News Dates Pub: Jan. 03, 10, 17, 24, 2015

FICTITIOUS BUSINESS NAME STATEMENT File No. 2014-357579 The following person(s) is (are) doing business as: UNIVERSAL EYEBROW THREADING AND BEAUTY SALON, 14355 CLARK AVE., BELLFLOWER, CA 90706. Full name of registrant(s) is (are) UNIVERSAL EYEBROW THREADING AND BEAUTY SALON, 14355 CLARK AVE., BELLFLOWER, CA 90706. This Business is conducted by: A CORPORATION. Signed: AGHA MOHAMMAD KARKI. This statement was filed with the County Clerk of Los Angeles County on 12/22/2014. The registrant(s) has (have) commenced to transact business under the fictitious business name or names listed above on N/A. NOTICE: This Fictitious Name Statement expires five years from the date it was filed in the office of the County Clerk. A new Fictitious Business Name Statement must be filed prior to that date. The filing of this statement does not of itself authorize the use in this state of a Fictitious Business Name in violation of the rights of another under Federal, State, or common law (See section 14411 et seq. Business and Professions Code)Publish: Mountain Views News Dates Pub: Jan. 03, 10, 17, 24, 2015

FICTITIOUS BUSINESS NAME STATEMENT File No. 2014-358817 The following person(s) is (are) doing business as: URBAN SOCCER 5 CENTER, URBAN SOCCER 5, 12059 S. FIRESTONE BLVD., NORWALK, CA 90650. Full name of registrant(s) is (are) URBAN SOCCER 5 CENTER, 12059 S. FIRESTONE BLVD., NORWALK, CA 90650. This Business is conducted by: A CORPORATION. Signed: JOSE FLORES. This statement was filed with the County Clerk of Los Angeles County on 12/01/2014. The registrant(s) has (have) commenced to transact business under the fictitious business name or names listed above on N/A. NOTICE: This Fictitious Name Statement expires five years from the date it was filed in the office of the County Clerk. A new Fictitious Business Name Statement must be filed prior to that date. The filing of this statement does not of itself authorize the use in this state of a Fictitious Business Name in violation of the rights of another under Federal, State, or common law (See section 14411 et seq. Business and Professions Code)Publish: Mountain Views News Dates Pub: Jan. 03, 10, 17, 24, 2015

FICTITIOUS BUSINESS NAME STATEMENT File No. 2014-363506 The following person(s) is (are) doing business as: VP PAINTING SERVICES, 162 N. LEMON AVE. #395, WALNUT, CA 91789. Full name of registrant(s) is (are) VALLEY INVESTMENT & MANAGEMENT, INC., 826 W. COLTON AVE. #B4-A, REDLANDS, CA 92374. This Business is conducted by: A CORPORATION. Signed: DAVID IAN SCOTT. This statement was filed with the County Clerk of Los Angeles County on 12/30/2014. The registrant(s) has (have) commenced to transact business under the fictitious business name or names listed above on N/A. NOTICE: This Fictitious Name Statement expires five years from the date it was filed in the office of the County Clerk. A new Fictitious Business Name Statement must be filed prior to that date. The filing of this statement does not of itself authorize the use in this state of a Fictitious Business Name in violation of the rights of another under Federal, State, or common law (See section 14411 et seq. Business and Professions Code)Publish: Mountain Views News Dates Pub: Jan. 03, 10, 17, 24, 2015

FICTITIOUS BUSINESS NAME STATEMENT File No. 2014-360387 The following person(s) is (are) doing business as: VVSM FINANCIAL SERVICES, 14757 SAN ESTEBAN DR., LA MIRADA, CA 90638. Full name of registrant(s) is (are) JAIME SABATER MAGDALUYO, 14757 SAN ESTEBAN DR., LA MIRADA, CA 90638. This Business is conducted by: AN INDIVIDUAL. Signed: JAIME SABATER MAGDALUYO. This statement was filed with the County Clerk of Los Angeles County on 12/24/2014. The registrant(s) has (have) commenced to transact business under the fictitious business name or names listed above on 12/05/2007. NOTICE: This Fictitious Name Statement expires five years from the date it was filed in the office of the County Clerk. A new Fictitious Business Name Statement must be filed prior to that date. The filing of this statement does not of itself authorize the use in this state of a Fictitious Business Name in violation of the rights of another under Federal, State, or common law (See section 14411 et seq. Business and Professions Code)Publish: Mountain Views News Dates Pub: Jan. 03, 10, 17, 24, 2015

FICTITIOUS BUSINESS NAME STATEMENT File No. 2014-361459 The following person(s) is (are) doing business as: WOOD PLUMBING SERVICE, 11617 PENNSYLVANIA ST., SOUTH GATE, CA 90280. Full name of registrant(s) is (are) GUILLERMO LOZANO PLASCENCIA, 11617 PENNSYLVANIA ST., SOUTH GATE, CA 90280. This Business is conducted by: AN INDIVIDUAL. Signed: GUILLERMO LOZANO PLASCENCIA. This statement was filed with the County Clerk of Los Angeles County on 12/26/2014. The registrant(s) has (have) commenced to transact business under the fictitious business name or names listed above on N/A. NOTICE: This Fictitious Name Statement expires five years from the date it was filed in the office of the County Clerk. A new Fictitious Business Name Statement must be filed prior to that date. The filing of this statement does not of itself authorize the use in this state of a Fictitious Business Name in violation of the rights of another under Federal, State, or common law (See section 14411 et seq. Business and Professions Code)Publish: Mountain Views News Dates Pub: Jan. 03, 10, 17, 24, 2015

FICTITIOUS BUSINESS NAME STATEMENT File No. 2014-362039 The following person(s) is (are) doing business as: WQ CONSTRUCTION, 5536 MCCULLOCH AVE., TEMPLE CITY, CA 91780. Full name of registrant(s) is (are) WALTER QUINTERO, 5536 MCCULLOCH AVE., TEMPLE CITY, CA 91780. This Business is conducted by: AN INDIVIDUAL. Signed: WALTER QUINTERO. This statement was filed with the County Clerk of Los Angeles County on 12/26/2014. The registrant(s) has (have) commenced to transact business under the fictitious business name or names listed above on N/A. NOTICE: This Fictitious Name Statement expires five years from the date it was filed in the office of the County Clerk. A new Fictitious Business Name Statement must be filed prior to that date. The filing of this statement does not of itself authorize the use in this state of a Fictitious Business Name in violation of the rights of another under Federal, State, or common law (See section 14411 et seq. Business and Professions Code)Publish: Mountain Views News Dates Pub: Jan. 03, 10, 17, 24, 2015

FILE NO. 2014-362142 STATEMENT OF ABANDONMENT OF USE OF FICTITIOUS BUSINESS NAME The following person(s) DENNIZE JIN, 319 N. IRVINE ST., MONTEREY PARK, CA 91754, has/have abandoned the use of the fictitious business name: OCEANVIEW FOOT MASSAGE, 3927 E. ANAHEIM ST., LONG BEACH, CA 90804. The fictitious business name referred to above was filed in the County of Los Angeles County on 05/29/2013. The original file number of 2013099874. The business was conducted by: AN INDIVIDUAL. Signed: DENNIZE JIN. This statement was filed with the County Clerk of Los Angeles County on 12/29/2014. Publish: Mountain Views News Dates Pub: Jan. 03, 10, 17, 24, 2015

FILE NO. 2014-362026 STATEMENT OF ABANDONMENT OF USE OF FICTITIOUS BUSINESS NAME The following person(s) HERMELINDA SANCHEZ, 2311 WILMA AVE., L.A., CA 90008, has/have abandoned the use of the fictitious business name: PROMINENT BRIDAL SERVICE, 2311 WILMA AVE., L.A., CA 90008. The fictitious business name referred to above was filed on 10/02/2013, in the county of Los Angeles. The original file number of 2013200481. The business was conducted by: AN INDIVIDUAL. I declare that all information in this statement is true and correct. A registrant who declares as true information which he or she knows to be false, is guilty of a crime. SIGNED HERMELINDA SANCHEZCORDOVA. Publish: Mountain Views News Dates Pub: Jan. 03, 10, 17, 24, 2015

FICTITIOUS BUSINESS NAME STATEMENT File No. 2014-360857 The following person(s) is (are) doing business as: AMERICAN PATRIOTS COINS COLLECTABLES, 1621 W. ARROW HIGHWAY, SAN DIMAS, CA 91773. Full name of registrant(s) is (are) AMERICAN PATRIOTS COINS & COLLECTABLES, 1621 W. ARROW HIGHWAY, SAN DIMAS, CA 91773. This Business is conducted by: A LIMITED LIABILITY COMPANY. Signed: NATHAN NOREN. WE PRESIDENT. This statement was filed with the County Clerk of Los Angeles County on 12/26/2014. The registrant(s) has (have) commenced to transact business under the fictitious business name or names listed above on N/A. NOTICE: This Fictitious Name Statement expires five years from the date it was filed in the office of the County Clerk. Publish: Mountain Views News Dates Pub: Jan. 03, 10, 17, 24, 2015

FICTITIOUS BUSINESS NAME STATEMENT File No. 2014-359606 The following person(s) is (are) doing business as: BELIEF RECOVERY, 25855 NARBONNE AVE. SUITE 220 LOMITA, CA 90717. Full name of registrant(s) is (are) LISA BOLDEN, 7811 TOWNE AVE., LOS ANGELES, CA 90003. This Business is conducted by: AN INDIVIDUAL. Signed: LISA BOLDEN. This statement was filed with the County Clerk of Los Angeles County on 12/12/2014. The registrant(s) has (have) commenced to transact business under the fictitious business name or names listed above on N/A. NOTICE: This Fictitious Name Statement expires five years from the date it was filed in the office of the County Clerk. A new Fictitious Business Name Statement must be filed prior to that date. The filing of this statement does not of itself authorize the use in this state of a Fictitious Business Name in violation of the rights of another under Federal, State, or common law (See section 14411 et seq. Business and Professions Code)Publish: Mountain Views News Dates Pub: Dec. 20, 27, 2014 Jan. 03, 10, 2015

FICTITIOUS BUSINESS NAME STATEMENT File No. 2014-356025 The following person(s) is (are) doing business as: AIM ENTERTAINMENT, 9440 SANTA MONICA BLVD., STE 2600, BEVERLY HILLS, CA 90210. Full name of registrant(s) is (are) FAREZAD SOLEIMANI, 1158 SHADOW HILL WAY, BEVERLY HILLS, CA 90210. This Business is conducted by: AN INDIVIDUAL. Signed: FAREZAD SOLEIMANI. This statement was filed with the County Clerk of Los Angeles County on 12/12/2014. The registrant(s) has (have) commenced to transact business under the fictitious business name or names listed above on N/A. NOTICE: This Fictitious Name Statement expires five years from the date it was filed in the office of the County Clerk. A new Fictitious Business Name Statement must be filed prior to that date. The filing of this statement does not of itself authorize the use in this state of a Fictitious Business Name in violation of the rights of another under Federal, State, or common law (See section 14411 et seq. Business and Professions Code)Publish: Mountain Views News Dates Pub: Dec. 27, 2014 Jan. 03, 10, 17, 2015

FICTITIOUS BUSINESS NAME STATEMENT File No. 2014-354625 The following person(s) is (are) doing business as: CARLOS DELIVERY, 1401 S. AVE. 54, L.A., CA 90042. Full name of registrant(s) is (are) CARLOS H. GONZALEZ, 1401 S. AVE 54, L.A., CA 90042. This Business is conducted by: AN INDIVIDUAL. Signed: CARLOS H. GONZALEZ. This statement was filed with the County Clerk of Los Angeles County on 12/17/2014. The registrant(s) has (have) commenced to transact business under the fictitious business name or names listed above on N/A. NOTICE: This Fictitious Name Statement expires five years from the date it was filed in the office of the County Clerk. A new Fictitious Business Name Statement must be filed prior to that date. The filing of this statement does not of itself authorize the use in this state of a Fictitious Business Name in violation of the rights of another under Federal, State, or common law (See section 14411 et seq. Business and Professions Code)Publish: Mountain Views News Dates Pub: Dec. 27, 2014 Jan. 03, 10, 17, 2015

FICTITIOUS BUSINESS NAME STATEMENT File No. 2014-354105 The following person(s) is (are) doing business as: AAS TRANSPORT, 11572 WILLAKE ST., SANTA FE SPRINGS, CA 90670. Full name of registrant(s) is (are) ALAN M. SESE, 11572 WILLAKE ST., SANTA FE SPRINGS, CA 90670; LEOLINE J. SESE, 11572 WILLAKE ST., SANTA FE SPRINGS, CA 90670. This Business is conducted by: A MARRIED COUPLE. Signed: LEOLINE J. SESE. This statement was filed with the County Clerk of Los Angeles County on 12/17/2014. The registrant(s) has (have) commenced to transact business under the fictitious business name or names listed above on 10/10/1998. NOTICE: This Fictitious Name Statement expires five years from the date it was filed in the office of the County Clerk. A new Fictitious Business Name Statement must be filed prior to that date. The filing of this statement does not of itself authorize the use in this state of a Fictitious Business Name in violation of the rights of another under Federal, State, or common law (See section 14411 et seq. Business and Professions Code)Publish: Mountain Views News Dates Pub: Dec. 27, 2014 Jan. 03, 10, 17, 2015

FICTITIOUS BUSINESS NAME STATEMENT File No. 2014-352586 The following person(s) is (are) doing business as: ANTONIO'S AUTO REPAIR, 2729 E. 56TH ST., LONG BEACH, CA 90805. Full name of registrant(s) is (are) ANTONIO GOMEZ, 2729 E. 56TH ST., LONG BEACH, CA 90805. This Business is conducted by: AN INDIVIDUAL. Signed: JOSE ANTONIO GOMEZ. This statement was filed with the County Clerk of Los Angeles County on 12/15/2014. The registrant(s) has (have) commenced to transact business under the fictitious business name or names listed above on N/A. NOTICE: This Fictitious Name Statement expires five years from the date it was filed in the office of the County Clerk. A new Fictitious Business Name Statement must be filed prior to that date. The filing of this statement does not of itself authorize the use in this state of a Fictitious Business Name in violation of the rights of another under Federal, State, or common law (See section 14411 et seq. Business and Professions Code)Publish: Mountain Views News Dates Pub: Dec. 27, 2014 Jan. 03, 10, 17, 2015

FICTITIOUS BUSINESS NAME STATEMENT File No. 2014-354005 The following person(s) is (are) doing business as: BARBERIAS FORMATION, 2102 N. LONG BEACH BLVD., COMPTON, CA 90221. Full name of registrant(s) is (are) VICTOR BARBOSA, 2021 N. LONG BEACH BLVD., COMPTON, CA 90221. This Business is conducted by: AN INDIVIDUAL. Signed: VICTOR BARBOSA. This statement was filed with the County Clerk of Los Angeles County on 12/15/2014. The registrant(s) has (have) commenced to transact business under the fictitious business name or names listed above on N/A. NOTICE: This Fictitious Name Statement expires five years from the date it was filed in the office of the County Clerk. A new Fictitious Business Name Statement must be filed prior to that date. The filing of this statement does not of itself authorize the use in this state of a Fictitious Business Name in violation of the rights of another under Federal, State, or common law (See section 14411 et seq. Business and Professions Code)Publish: Mountain Views News Dates Pub: Dec. 27, 2014 Jan. 03, 10, 17, 2015

FICTITIOUS BUSINESS NAME STATEMENT File No. 2014-352880 The following person(s) is (are) doing business as: BOB HATCH'S SCHOOL, 2718 SANTA ANITA AVE., EL MONTE, CA 91733. Full name of registrant(s) is (are) PEDAGOGIX INC., 2718 SANTA ANITA AVE., EL MONTE, CA 91733. This Business is conducted by: A CORPORATION. Signed: ROBERT HAMPTON. This statement was filed with the County Clerk of Los Angeles County on 12/15/2014. The registrant(s) has (have) commenced to transact business under the fictitious business name or names listed above on 01/01/1990. NOTICE: This Fictitious Name Statement expires five years from the date it was filed in the office of the County Clerk. A new Fictitious Business Name Statement must be filed prior to that date. The filing of this statement does not of itself authorize the use in this state of a Fictitious Business Name in violation of the rights of another under Federal, State, or common law (See section 14411 et seq. Business and Professions Code)Publish: Mountain Views News Dates Pub: Dec. 27, 2014 Jan. 03, 10, 17, 2015

FICTITIOUS BUSINESS NAME STATEMENT File No. 2014-356045 The following person(s) is (are) doing business as: AUTOMOTIVE DEPOT, 12114 ARTESIA BLVD. UNIT 8, ARTESIA, CA 90701. Full name of registrant(s) is (are) EVA ALEXANDRA, 12114 ARTESIA BLVD. UNIT 8, ARTESIA, CA 90701. This Business is conducted by: AN INDIVIDUAL. Signed: EVA ALEXANDRA. This statement was filed with the County Clerk of Los Angeles County on 12/12/2014. The registrant(s) has (have) commenced to transact business under the fictitious business name or names listed above on N/A. NOTICE: This Fictitious Name Statement expires five years from the date it was filed in the office of the County Clerk. A new Fictitious Business Name Statement must be filed prior to that date. The filing of this statement does not of itself authorize the use in this state of a Fictitious Business Name in violation of the rights of another under Federal, State, or common law (See section 14411 et seq. Business and Professions Code)Publish: Mountain Views News Dates Pub: Dec. 27, 2014 Jan. 03, 10, 17, 2015

FICTITIOUS BUSINESS NAME STATEMENT File No. 2014-353989 The following person(s) is (are) doing business as: CARRIE'S ESTHETICS, 1051 W. 79TH ST., L.A., CA 90044. Full name of registrant(s) is (are) JOSE A. CASTELLANOS, JR., 1051 W. 79TH ST., L.A., CA 90044. This Business is conducted by: AN INDIVIDUAL. Signed: JOSE A. CASTELLANOS. This statement was filed with the County Clerk of Los Angeles County on 12/15/2014. The registrant(s) has (have) commenced to transact business under the fictitious business name or names listed above on N/A. NOTICE: This Fictitious Name Statement expires five years from the date it was filed in the office of the County Clerk. A new Fictitious Business Name Statement must be filed prior to that date. The filing of this statement does not of itself authorize the use in this state of a Fictitious Business Name in violation of the rights of another under Federal, State, or common law (See section 14411 et seq. Business and Professions Code)Publish: Mountain Views News Dates Pub: Dec. 27, 2014 Jan. 03, 10, 17, 2015

FICTITIOUS BUSINESS NAME STATEMENT File No. 2014-351146 The following person(s) is (are) doing business as: CASTRO'S ELECTRONICS, 9829 ARTESIA BLVD., BELLFLOWER, CA 90706. Full name of registrant(s) is (are) JOSE MOLINA-CASTRO, 17322 CHARLES ST., BELLFLOWER, CA 90706; JESUS CARRIZAL, 8114, ROBENO VALLEY, CA 92557. This Business is conducted by: CO-PARTNERS. Signed: JESUS CARRIZAL. This statement was filed with the County Clerk of Los Angeles County on 12/10/2014. The registrant(s) has (have) commenced to transact business under the fictitious business name or names listed above on N/A. NOTICE: This Fictitious Name Statement expires five years from the date it was filed in the office of the County Clerk. A new Fictitious Business Name Statement must be filed prior to that date. The filing of this statement does not of itself authorize the use in this state of a Fictitious Business Name in violation of the rights of another under Federal, State, or common law (See section 14411 et seq. Business and Professions Code)Publish: Mountain Views News Dates Pub: Dec. 27, 2014 Jan. 03, 10, 17, 2015

FICTITIOUS BUSINESS NAME STATEMENT File No. 2014-357399 The following person(s) is (are) doing business as: CLEANSSION CONSULTING, 11563 SANTA ANA AVE. #73, COSTA MESA, CA 92627. Full name of registrant(s) is (are) WAYNE CARTER, 11563 SANTA ANA AVE. #73, COSTA MESA, CA 92627. This Business is conducted by: AN INDIVIDUAL. Signed: WAYNE CARTER. This statement was filed with the County Clerk of Los Angeles County on 12/19/2014. The registrant(s) has (have) commenced to transact business under the fictitious business name or names listed above on N/A. NOTICE: This Fictitious Name Statement expires five years from the date it was filed in the office of the County Clerk. Publish: Mountain Views News Dates Pub: Dec. 27, 2014 Jan. 03, 10, 17, 2015

FICTITIOUS BUSINESS NAME STATEMENT File No. 2014-357362 The following person(s) is (are) doing business as: CHARLES MEDIA & DESIGN, 530 W. COMMONWEALTH AVE., ALHAMBRA, CA 91801. Full name of registrant(s) is (are) CHARLES MEDIA & DESIGN, 530 W. COMMONWEALTH AVE., ALHAMBRA, CA 91801. This Business is conducted by: A CORPORATION. This statement was filed with the County Clerk of Los Angeles County on 12/19/2014. Publish: Mountain Views News Dates Pub: Dec. 27, 2014 Jan. 03, 10, 17, 2015

08/14/2014. NOTICE: This Fictitious Name Statement expires five years from the date it was filed in the office of the County Clerk. A new Fictitious Business Name Statement must be filed prior to that date. The filing of this statement does not of itself authorize the use in this state of a Fictitious Business Name in violation of the rights of another under Federal, State, or common law (See section 14411 et seq. Business and Professions Code)Publish: Mountain Views News Dates Pub: Dec. 27, 2014 Jan. 03, 10, 17, 2015

FICTITIOUS BUSINESS NAME STATEMENT File No. 2014-356262 The following person(s) is (are) doing business as: CREATIVE 9CB, 1332 NORTH AVENUE 46, L.A., CA 90041. Full name of registrant(s) is (are) OSCAR DOMINGO BAUTISTA, 1332 NORTH AVENUE 46, L.A., CA 90041. This Business is conducted by: AN INDIVIDUAL. Signed: OSCAR DOMINGO BAUTISTA. This statement was filed with the County Clerk of Los Angeles County on 12/12/2014. The registrant(s) has (have) commenced to transact business under the fictitious business name or names listed above on N/A. NOTICE: This Fictitious Name Statement expires five years from the date it was filed in the office of the County Clerk. A new Fictitious Business Name Statement must be filed prior to that date. The filing of this statement does not of itself authorize the use in this state of a Fictitious Business Name in violation of the rights of another under Federal, State, or common law (See section 14411 et seq. Business and Professions Code)Publish: Mountain Views News Dates Pub: Dec. 27, 2014 Jan. 03, 10, 17, 2015

FICTITIOUS BUSINESS NAME STATEMENT File No. 2014-358214 The following person(s) is (are) doing business as: NERY'S INSURANCE, 12509 S. MAIN ST., L.A., CA 90061. Full name of registrant(s) is (are) NERY REYNALDO MATUS MALDONADO, 10479 W. 9TH ST., L.A., CA 90044. This Business is conducted by: AN INDIVIDUAL. Signed: NERY REYNALDO MATUS MALDONADO. This statement was filed with the County Clerk of Los Angeles County on 12/12/2014. The registrant(s) has (have) commenced to transact business under the fictitious business name or names listed above on N/A. NOTICE: This Fictitious Name Statement expires five years from the date it was filed in the office of the County Clerk. A new Fictitious Business Name Statement must be filed prior to that date. The filing of this statement does not of itself authorize the use in this state of a Fictitious Business Name in violation of the rights of another under Federal, State, or common law (See section 14411 et seq. Business and Professions Code)Publish: Mountain Views News Dates Pub: Dec. 27, 2014 Jan. 03, 10, 17, 2015

FICTITIOUS BUSINESS NAME STATEMENT File No. 2014-351073 The following person(s) is (are) doing business as: SPROUT ACCESSORY STATION, 3855 PACIFIC COAST HWY. #15, TORRANCE, CA 90505. Full name of registrant(s) is (are) FINE PENSON, INC., 3855 PACIFIC COAST HWY. #15, TORRANCE, CA 90505. This Business is conducted by: A CORPORATION. Signed: LYNNE LEE. This statement was filed with the County Clerk of Los Angeles County on 12/12/2014. The registrant(s) has (have) commenced to transact business under the fictitious business name or names listed above on N/A. NOTICE: This Fictitious Name Statement expires five years from the date it was filed in the office of the County Clerk. A new Fictitious Business Name Statement must be filed prior to that date. The filing of this statement does not of itself authorize the use in this state of a Fictitious Business Name in violation of the rights of another under Federal, State, or common law (See section 14411 et seq. Business and Professions Code)Publish: Mountain Views News Dates Pub: Dec. 27, 2014 Jan. 03, 10, 17, 2015

FICTITIOUS BUSINESS NAME STATEMENT File No. 2014-354769 The following person(s) is (are) doing business as: DOLPHIN TRUCKING & TRUCKING SCHOOL, 24305 DOLPHIN PL., PALMDALE, CA 93551. Full name of registrant(s) is (are) DOLPHIN TRUCKING SCHOOL, INC., 40029 LASSEN AVE. UNIT O, COMMERCE, CA 90040. This Business is conducted by: A CORPORATION. Signed: CARLA GARCIA. This statement was filed with the County Clerk of Los Angeles County on 12/17/2014. The registrant(s) has (have) commenced to transact business under the fictitious business name or names listed above on N/A. NOTICE: This Fictitious Name Statement expires five years from the date it was filed in the office of the County Clerk. A new Fictitious Business Name Statement must be filed prior to that date. The filing of this statement does not of itself authorize the use in this state of a Fictitious Business Name in violation of the rights of another under Federal, State, or common law (See section 14411 et seq. Business and Professions Code)Publish: Mountain Views News Dates Pub: Dec. 27, 2014 Jan. 03, 10, 17, 2015

FICTITIOUS BUSINESS NAME STATEMENT File No. 2014-357050 The following person(s) is (are) doing business as: LUIS FOTO STUDIO, 9207 S. BROWN AVE., DOWNEY, CA 90242. Full name of registrant(s) is (are) LUIS MANUEL TEJADA HERNANDEZ, 13419 ELSWORTH AVE., DOWNEY, CA 90242. This Business is conducted by: AN INDIVIDUAL. Signed: LUIS MANUEL TEJADA HERNANDEZ. This statement was filed with the County Clerk of Los Angeles County on 12/19/2014. The registrant(s) has (have) commenced to transact business under the fictitious business name or names listed above on N/A. NOTICE: This Fictitious Name Statement expires five years from the date it was filed in the office of the County Clerk. A new Fictitious Business Name Statement must be filed prior to that date. The filing of this statement does not of itself authorize the use in this state of a Fictitious Business Name in violation of the rights of another under Federal, State, or common law (See section 14411 et seq. Business and Professions Code)Publish: Mountain Views News Dates Pub: Dec. 27, 2014 Jan. 03, 10, 17, 2015

FICTITIOUS BUSINESS NAME STATEMENT File No. 2014-351509 The following person(s) is (are) doing business as: ELYS FASHION, 617 E. PICO BLVD. #606, L.A., CA 90021. Full name of registrant(s) is (are) VICTORIA CORRIL, 617 E. PICO BLVD. #606, L.A., CA 90021. This Business is conducted by: AN INDIVIDUAL. Signed: VICTORIA CORRIL. This statement was filed with the County Clerk of Los Angeles County on 12/17/2014. The registrant(s) has (have) commenced to transact business under the fictitious business name or names listed above on N/A. NOTICE: This Fictitious Name Statement expires five years from the date it was filed in the office of the County Clerk. A new Fictitious Business Name Statement must be filed prior to that date. The filing of this statement does not of itself authorize the use in this state of a Fictitious Business Name in violation of the rights of another under Federal, State, or common law (See section 14411 et seq. Business and Professions Code)Publish: Mountain Views News Dates Pub: Dec. 27, 2014 Jan. 03, 10, 17, 2015

FICTITIOUS BUSINESS NAME STATEMENT File No. 2014-357315 The following person(s) is (are) doing business as: ENVY DISTRIBUTION, 1317 E. 125TH ST., L.A., CA 90059. Full name of registrant(s) is (are) ARCELIA ZENO AURELIO, 1317 E. 125TH ST., L.A., CA 90059. This Business is conducted by: AN INDIVIDUAL. Signed: ARCELIA ZENO AURELIO. This statement was filed with the County Clerk of Los Angeles County on 12/19/2014. The registrant(s) has (have) commenced to transact business under the fictitious business name or names listed above on N/A. NOTICE: This Fictitious Name Statement expires five years from the date it was filed in the office of the County Clerk. A new Fictitious Business Name Statement must be filed prior to that date. The filing of this statement does not of itself authorize the use in this state of a Fictitious Business Name in violation of the rights of another under Federal, State, or common law (See section 14411 et seq. Business and Professions Code)Publish: Mountain Views News Dates Pub: Dec. 27, 2014 Jan. 03, 10, 17, 2015

FICTITIOUS BUSINESS NAME STATEMENT File No. 2014-354936 The following person(s) is (are) doing business as: FOXBIO THEFT SIGNS, 9325 LONG BEACH BLVD. SOUTH GATE, CA 90280. Full name of registrant(s) is (are) MIGUEL ANGEL BRYSON AVE., SOUTH GATE, CA 90280. This Business is conducted by: AN INDIVIDUAL. Signed: MIGUEL ANGEL HERNANDEZ. This statement was filed with the County Clerk of Los Angeles County on 12/17/2014. The registrant(s) has (have) commenced to transact business under the fictitious business name or names listed above on N/A. NOTICE: This Fictitious Name Statement expires five years from the date it was filed in the office of the County Clerk. A new Fictitious Business Name Statement must be filed prior to that date. The filing of this statement does not of itself authorize the use in this state of a Fictitious Business Name in violation of the rights of another under Federal, State, or common law (See section 14411 et seq. Business and Professions Code)Publish: Mountain Views News Dates Pub: Dec. 27, 2014 Jan. 03, 10, 17, 2015

FICTITIOUS BUSINESS NAME STATEMENT File No. 2014-358325 The following person(s) is (are) doing business as: GRANADOS TRANSPORT, 355 E. 9TH ST., L.A., CA 90015. Full name of registrant(s) is (are) GRANADOS TRANSPORT, INC., 355 E. 9TH ST., L.A., CA 90015. This Business is conducted by: A CORPORATION. Signed: JOSE GREGORIO GRANADOS. This statement was filed with the County Clerk of Los Angeles County on 12/22/2014. The registrant(s) has (have) commenced to transact business under the fictitious business name or names listed above on 01/01/2010. NOTICE: This Fictitious Name Statement expires five years from the date it was filed in the office of the County Clerk. Publish: Mountain Views News Dates Pub: Dec. 27, 2014 Jan. 03, 10, 17, 2015

FICTITIOUS BUSINESS NAME STATEMENT File No. 2014-349715 The following person(s) is (are) doing business as: GTS CHARTER, GIS CHARTERS, 1122 MONTANA AVE., SANTA MONICA, CA 90403. Full name of registrant(s) is (are) GLOBAL TRANSPORT SERVICES INC., 1458 2ND ST., SANTA MONICA, CA 90401. This Business is conducted by: A CORPORATION. Signed: STEVE BRIGHT. This statement was filed with the County Clerk of Los Angeles County on 12/08/2014. Publish: Mountain Views News Dates Pub: Dec. 27, 2014 Jan. 03, 10, 17, 2015

FICTITIOUS BUSINESS NAME STATEMENT File No. 2014-355551 The following person(s) is (are) doing business as: HILARY'S TRADING EXPORTS, 5141 GRANADA ST., L.A., CA 90042. Full name of registrant(s) is (are) GONZALEZ SAUCEDA, 5141 GRANADA ST., L.A., CA 90042. This Business is conducted by: AN INDIVIDUAL. This statement was filed with the County Clerk of Los Angeles County on 12/18/2014. Publish: Mountain Views News Dates Pub: Dec. 27, 2014 Jan. 03, 10, 17, 2015

Mountain Views News 80 W Sierra Madre Blvd. No. 327 Sierra Madre, Ca. 91024 Office: 626.355.2737 Fax: 626.609.3285 Email: editor@mtnviewsnews.com Website: www.mtnviewsnews.com
